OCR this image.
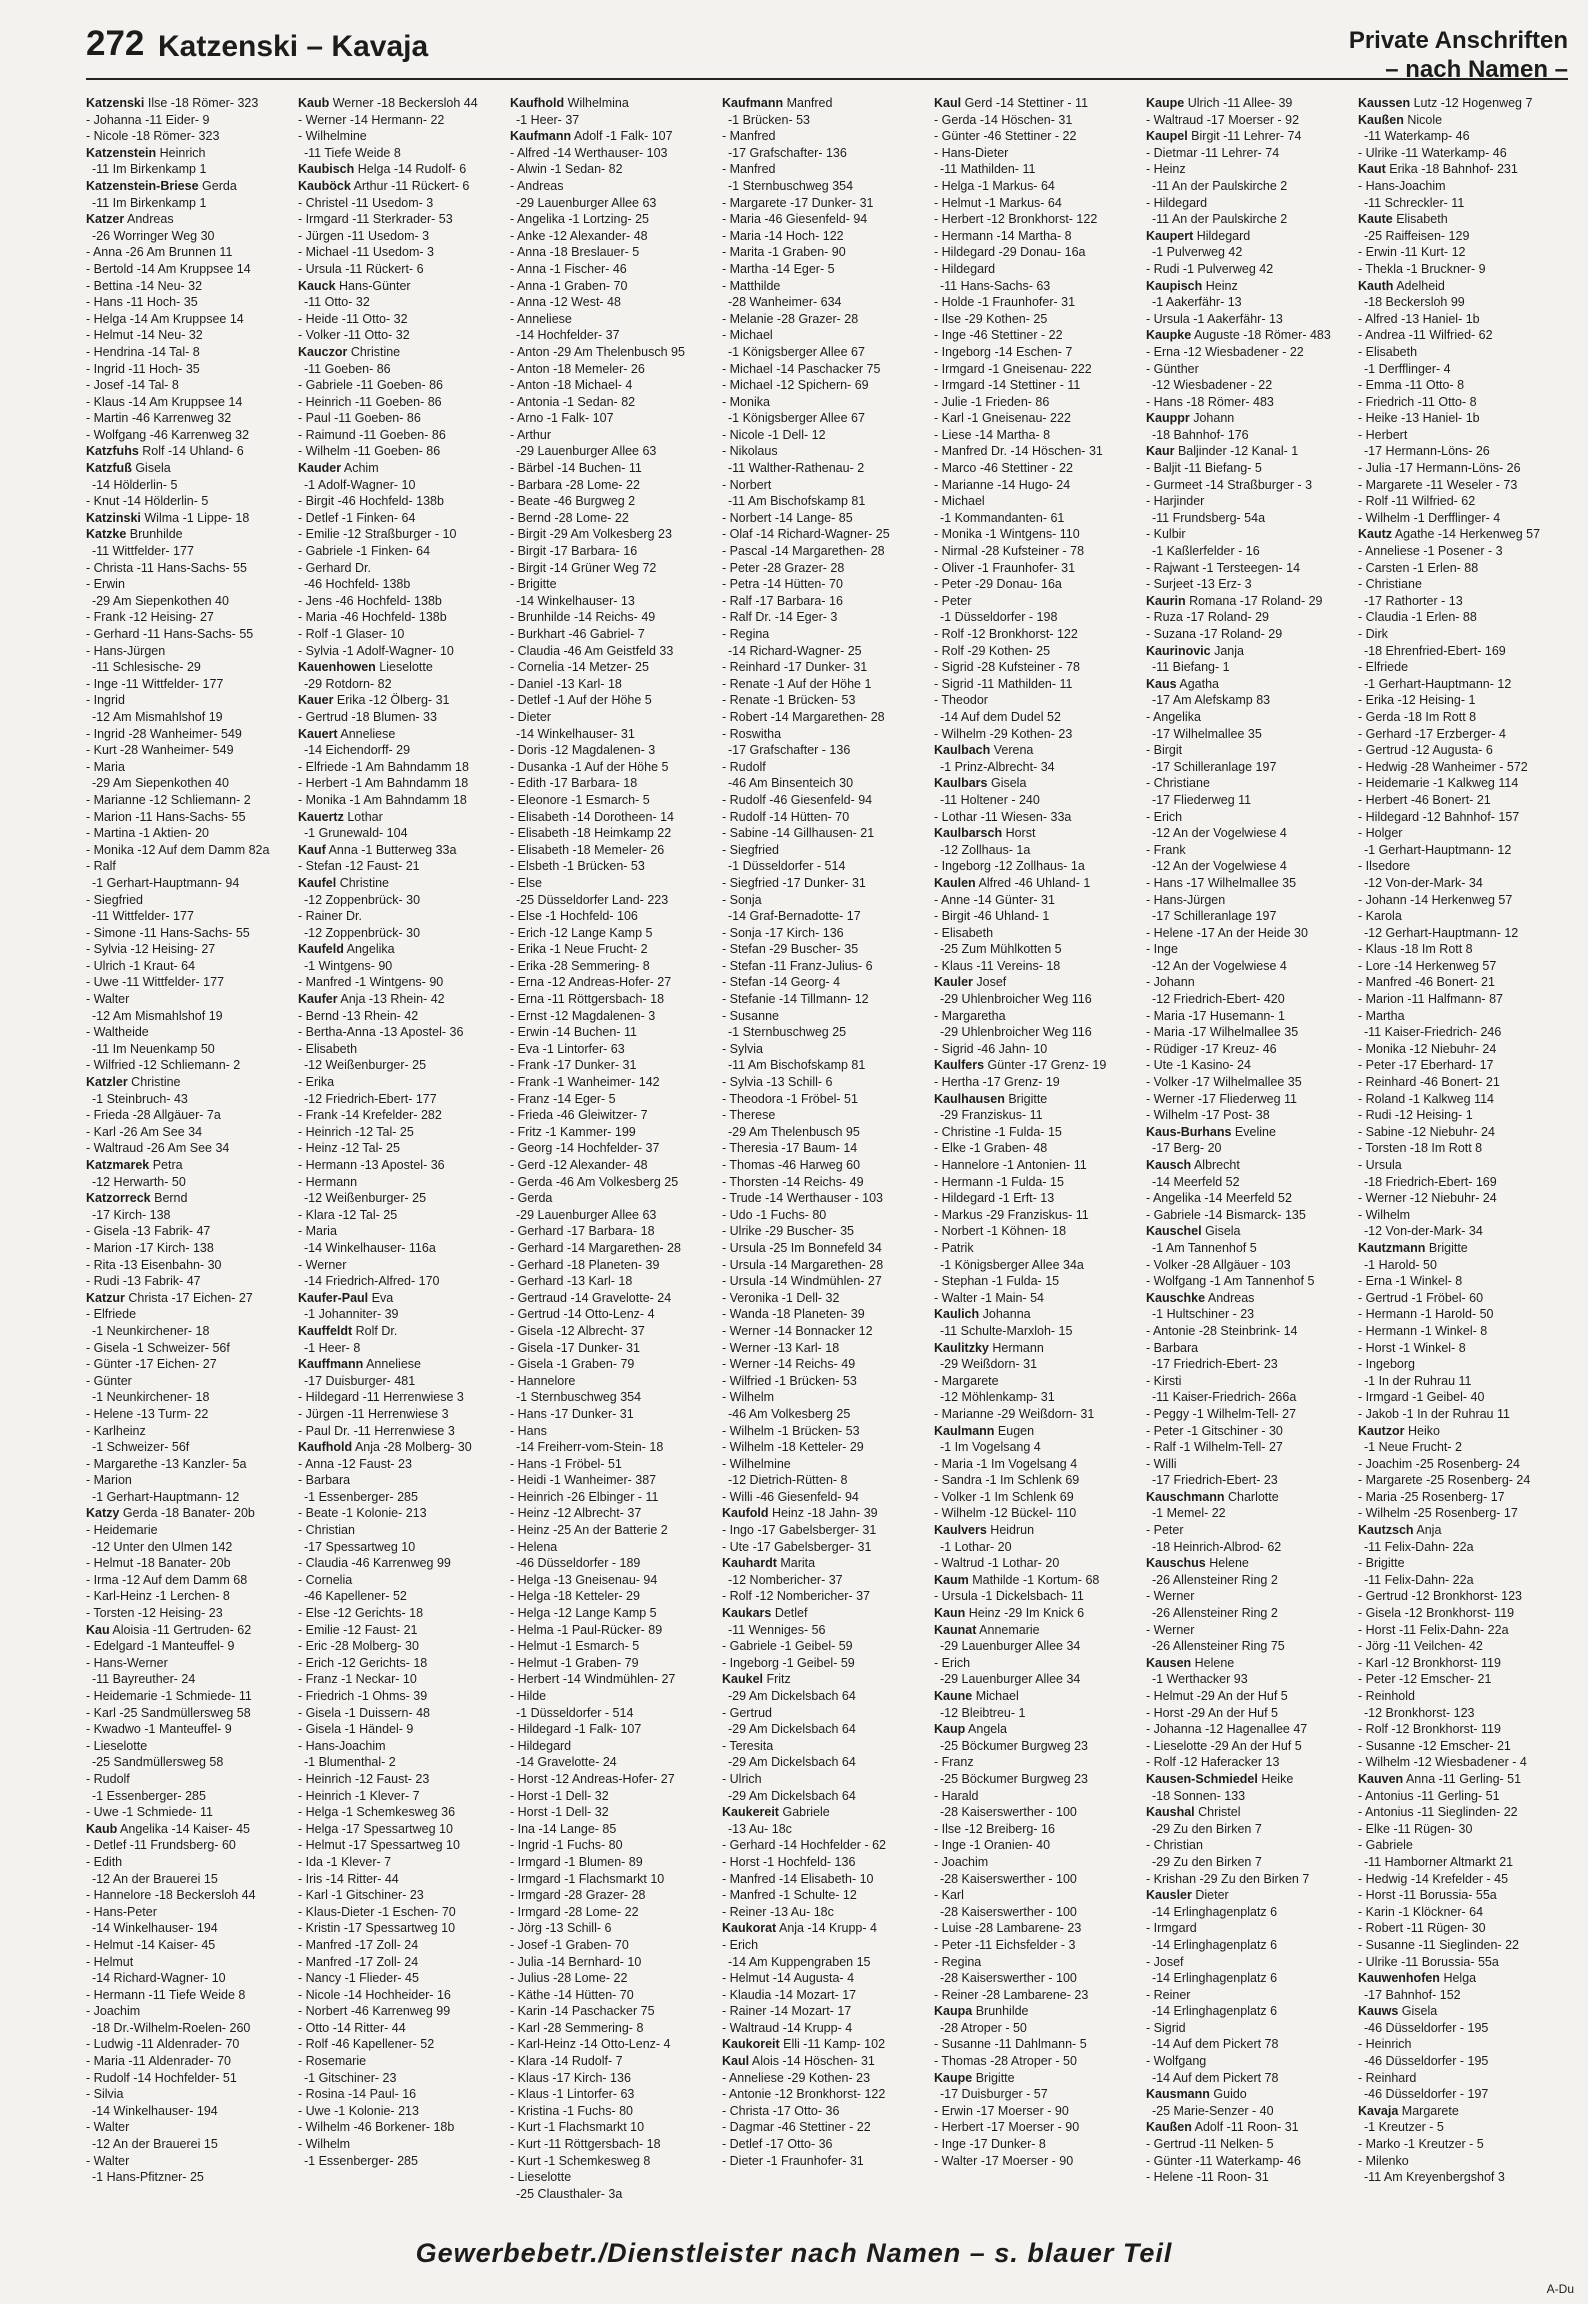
272 Katzenski – Kavaja	Private Anschriften
– nach Namen –
Katzenski Ilse -18 Römer- 323
- Johanna -11 Eider- 9
- Nicole -18 Römer- 323
Katzenstein Heinrich
-11 Im Birkenkamp 1
Katzenstein-Briese Gerda
-11 Im Birkenkamp 1
Katzer Andreas
-26 Worringer Weg 30
- Anna -26 Am Brunnen 11
- Bertold -14 Am Kruppsee 14
- Bettina -14 Neu- 32
- Hans -11 Hoch- 35
- Helga -14 Am Kruppsee 14
- Helmut -14 Neu- 32
- Hendrina -14 Tal- 8
- Ingrid -11 Hoch- 35
- Josef -14 Tal- 8
- Klaus -14 Am Kruppsee 14
- Martin -46 Karrenweg 32
- Wolfgang -46 Karrenweg 32
Katzfuhs Rolf -14 Uhland- 6
Katzfuß Gisela
-14 Hölderlin- 5
- Knut -14 Hölderlin- 5
Katzinski Wilma -1 Lippe- 18
Katzke Brunhilde
-11 Wittfelder- 177
- Christa -11 Hans-Sachs- 55
- Erwin
-29 Am Siepenkothen 40
- Frank -12 Heising- 27
- Gerhard -11 Hans-Sachs- 55
- Hans-Jürgen
-11 Schlesische- 29
- Inge -11 Wittfelder- 177
- Ingrid
-12 Am Mismahlshof 19
- Ingrid -28 Wanheimer- 549
- Kurt -28 Wanheimer- 549
- Maria
-29 Am Siepenkothen 40
- Marianne -12 Schliemann- 2
- Marion -11 Hans-Sachs- 55
- Martina -1 Aktien- 20
- Monika -12 Auf dem Damm 82a
- Ralf
-1 Gerhart-Hauptmann- 94
- Siegfried
-11 Wittfelder- 177
- Simone -11 Hans-Sachs- 55
- Sylvia -12 Heising- 27
- Ulrich -1 Kraut- 64
- Uwe -11 Wittfelder- 177
- Walter
-12 Am Mismahlshof 19
- Waltheide
-11 Im Neuenkamp 50
- Wilfried -12 Schliemann- 2
Katzler Christine
-1 Steinbruch- 43
- Frieda -28 Allgäuer- 7a
- Karl -26 Am See 34
- Waltraud -26 Am See 34
Katzmarek Petra
-12 Herwarth- 50
Katzorreck Bernd
-17 Kirch- 138
- Gisela -13 Fabrik- 47
- Marion -17 Kirch- 138
- Rita -13 Eisenbahn- 30
- Rudi -13 Fabrik- 47
Katzur Christa -17 Eichen- 27
- Elfriede
-1 Neunkirchener- 18
- Gisela -1 Schweizer- 56f
- Günter -17 Eichen- 27
- Günter
-1 Neunkirchener- 18
- Helene -13 Turm- 22
- Karlheinz
-1 Schweizer- 56f
- Margarethe -13 Kanzler- 5a
- Marion
-1 Gerhart-Hauptmann- 12
Katzy Gerda -18 Banater- 20b
- Heidemarie
-12 Unter den Ulmen 142
- Helmut -18 Banater- 20b
- Irma -12 Auf dem Damm 68
- Karl-Heinz -1 Lerchen- 8
- Torsten -12 Heising- 23
Kau Aloisia -11 Gertruden- 62
- Edelgard -1 Manteuffel- 9
- Hans-Werner
-11 Bayreuther- 24
- Heidemarie -1 Schmiede- 11
- Karl -25 Sandmüllersweg 58
- Kwadwo -1 Manteuffel- 9
- Lieselotte
-25 Sandmüllersweg 58
- Rudolf
-1 Essenberger- 285
- Uwe -1 Schmiede- 11
Kaub Angelika -14 Kaiser- 45
- Detlef -11 Frundsberg- 60
- Edith
-12 An der Brauerei 15
- Hannelore -18 Beckersloh 44
- Hans-Peter
-14 Winkelhauser- 194
- Helmut -14 Kaiser- 45
- Helmut
-14 Richard-Wagner- 10
- Hermann -11 Tiefe Weide 8
- Joachim
-18 Dr.-Wilhelm-Roelen- 260
- Ludwig -11 Aldenrader- 70
- Maria -11 Aldenrader- 70
- Rudolf -14 Hochfelder- 51
- Silvia
-14 Winkelhauser- 194
- Walter
-12 An der Brauerei 15
- Walter
-1 Hans-Pfitzner- 25
Kaub Werner -18 Beckersloh 44
- Werner -14 Hermann- 22
- Wilhelmine
-11 Tiefe Weide 8
Kaubisch Helga -14 Rudolf- 6
Kauböck Arthur -11 Rückert- 6
- Christel -11 Usedom- 3
- Irmgard -11 Sterkrader- 53
- Jürgen -11 Usedom- 3
- Michael -11 Usedom- 3
- Ursula -11 Rückert- 6
Kauck Hans-Günter
-11 Otto- 32
- Heide -11 Otto- 32
- Volker -11 Otto- 32
Kauczor Christine
-11 Goeben- 86
- Gabriele -11 Goeben- 86
- Heinrich -11 Goeben- 86
- Paul -11 Goeben- 86
- Raimund -11 Goeben- 86
- Wilhelm -11 Goeben- 86
Kauder Achim
-1 Adolf-Wagner- 10
- Birgit -46 Hochfeld- 138b
- Detlef -1 Finken- 64
- Emilie -12 Straßburger - 10
- Gabriele -1 Finken- 64
- Gerhard Dr.
-46 Hochfeld- 138b
- Jens -46 Hochfeld- 138b
- Maria -46 Hochfeld- 138b
- Rolf -1 Glaser- 10
- Sylvia -1 Adolf-Wagner- 10
Kauenhowen Lieselotte
-29 Rotdorn- 82
Kauer Erika -12 Ölberg- 31
- Gertrud -18 Blumen- 33
Kauert Anneliese
-14 Eichendorff- 29
- Elfriede -1 Am Bahndamm 18
- Herbert -1 Am Bahndamm 18
- Monika -1 Am Bahndamm 18
Kauertz Lothar
-1 Grunewald- 104
Kauf Anna -1 Butterweg 33a
- Stefan -12 Faust- 21
Kaufel Christine
-12 Zoppenbrück- 30
- Rainer Dr.
-12 Zoppenbrück- 30
Kaufeld Angelika
-1 Wintgens- 90
- Manfred -1 Wintgens- 90
Kaufer Anja -13 Rhein- 42
- Bernd -13 Rhein- 42
- Bertha-Anna -13 Apostel- 36
- Elisabeth
-12 Weißenburger- 25
- Erika
-12 Friedrich-Ebert- 177
- Frank -14 Krefelder- 282
- Heinrich -12 Tal- 25
- Heinz -12 Tal- 25
- Hermann -13 Apostel- 36
- Hermann
-12 Weißenburger- 25
- Klara -12 Tal- 25
- Maria
-14 Winkelhauser- 116a
- Werner
-14 Friedrich-Alfred- 170
Kaufer-Paul Eva
-1 Johanniter- 39
Kauffeldt Rolf Dr.
-1 Heer- 8
Kauffmann Anneliese
-17 Duisburger- 481
- Hildegard -11 Herrenwiese 3
- Jürgen -11 Herrenwiese 3
- Paul Dr. -11 Herrenwiese 3
Kaufhold Anja -28 Molberg- 30
- Anna -12 Faust- 23
- Barbara
-1 Essenberger- 285
- Beate -1 Kolonie- 213
- Christian
-17 Spessartweg 10
- Claudia -46 Karrenweg 99
- Cornelia
-46 Kapellener- 52
- Else -12 Gerichts- 18
- Emilie -12 Faust- 21
- Eric -28 Molberg- 30
- Erich -12 Gerichts- 18
- Franz -1 Neckar- 10
- Friedrich -1 Ohms- 39
- Gisela -1 Duissern- 48
- Gisela -1 Händel- 9
- Hans-Joachim
-1 Blumenthal- 2
- Heinrich -12 Faust- 23
- Heinrich -1 Klever- 7
- Helga -1 Schemkesweg 36
- Helga -17 Spessartweg 10
- Helmut -17 Spessartweg 10
- Ida -1 Klever- 7
- Iris -14 Ritter- 44
- Karl -1 Gitschiner- 23
- Klaus-Dieter -1 Eschen- 70
- Kristin -17 Spessartweg 10
- Manfred -17 Zoll- 24
- Manfred -17 Zoll- 24
- Nancy -1 Flieder- 45
- Nicole -14 Hochheider- 16
- Norbert -46 Karrenweg 99
- Otto -14 Ritter- 44
- Rolf -46 Kapellener- 52
- Rosemarie
-1 Gitschiner- 23
- Rosina -14 Paul- 16
- Uwe -1 Kolonie- 213
- Wilhelm -46 Borkener- 18b
- Wilhelm
-1 Essenberger- 285
Kaufhold Wilhelmina
-1 Heer- 37
Kaufmann Adolf -1 Falk- 107
- Alfred -14 Werthauser- 103
- Alwin -1 Sedan- 82
- Andreas
-29 Lauenburger Allee 63
- Angelika -1 Lortzing- 25
- Anke -12 Alexander- 48
- Anna -18 Breslauer- 5
- Anna -1 Fischer- 46
- Anna -1 Graben- 70
- Anna -12 West- 48
- Anneliese
-14 Hochfelder- 37
- Anton -29 Am Thelenbusch 95
- Anton -18 Memeler- 26
- Anton -18 Michael- 4
- Antonia -1 Sedan- 82
- Arno -1 Falk- 107
- Arthur
-29 Lauenburger Allee 63
- Bärbel -14 Buchen- 11
- Barbara -28 Lome- 22
- Beate -46 Burgweg 2
- Bernd -28 Lome- 22
- Birgit -29 Am Volkesberg 23
- Birgit -17 Barbara- 16
- Birgit -14 Grüner Weg 72
- Brigitte
-14 Winkelhauser- 13
- Brunhilde -14 Reichs- 49
- Burkhart -46 Gabriel- 7
- Claudia -46 Am Geistfeld 33
- Cornelia -14 Metzer- 25
- Daniel -13 Karl- 18
- Detlef -1 Auf der Höhe 5
- Dieter
-14 Winkelhauser- 31
- Doris -12 Magdalenen- 3
- Dusanka -1 Auf der Höhe 5
- Edith -17 Barbara- 18
- Eleonore -1 Esmarch- 5
- Elisabeth -14 Dorotheen- 14
- Elisabeth -18 Heimkamp 22
- Elisabeth -18 Memeler- 26
- Elsbeth -1 Brücken- 53
- Else
-25 Düsseldorfer Land- 223
- Else -1 Hochfeld- 106
- Erich -12 Lange Kamp 5
- Erika -1 Neue Frucht- 2
- Erika -28 Semmering- 8
- Erna -12 Andreas-Hofer- 27
- Erna -11 Röttgersbach- 18
- Ernst -12 Magdalenen- 3
- Erwin -14 Buchen- 11
- Eva -1 Lintorfer- 63
- Frank -17 Dunker- 31
- Frank -1 Wanheimer- 142
- Franz -14 Eger- 5
- Frieda -46 Gleiwitzer- 7
- Fritz -1 Kammer- 199
- Georg -14 Hochfelder- 37
- Gerd -12 Alexander- 48
- Gerda -46 Am Volkesberg 25
- Gerda
-29 Lauenburger Allee 63
- Gerhard -17 Barbara- 18
- Gerhard -14 Margarethen- 28
- Gerhard -18 Planeten- 39
- Gerhard -13 Karl- 18
- Gertraud -14 Gravelotte- 24
- Gertrud -14 Otto-Lenz- 4
- Gisela -12 Albrecht- 37
- Gisela -17 Dunker- 31
- Gisela -1 Graben- 79
- Hannelore
-1 Sternbuschweg 354
- Hans -17 Dunker- 31
- Hans
-14 Freiherr-vom-Stein- 18
- Hans -1 Fröbel- 51
- Heidi -1 Wanheimer- 387
- Heinrich -26 Elbinger - 11
- Heinz -12 Albrecht- 37
- Heinz -25 An der Batterie 2
- Helena
-46 Düsseldorfer - 189
- Helga -13 Gneisenau- 94
- Helga -18 Ketteler- 29
- Helga -12 Lange Kamp 5
- Helma -1 Paul-Rücker- 89
- Helmut -1 Esmarch- 5
- Helmut -1 Graben- 79
- Herbert -14 Windmühlen- 27
- Hilde
-1 Düsseldorfer - 514
- Hildegard -1 Falk- 107
- Hildegard
-14 Gravelotte- 24
- Horst -12 Andreas-Hofer- 27
- Horst -1 Dell- 32
- Horst -1 Dell- 32
- Ina -14 Lange- 85
- Ingrid -1 Fuchs- 80
- Irmgard -1 Blumen- 89
- Irmgard -1 Flachsmarkt 10
- Irmgard -28 Grazer- 28
- Irmgard -28 Lome- 22
- Jörg -13 Schill- 6
- Josef -1 Graben- 70
- Julia -14 Bernhard- 10
- Julius -28 Lome- 22
- Käthe -14 Hütten- 70
- Karin -14 Paschacker 75
- Karl -28 Semmering- 8
- Karl-Heinz -14 Otto-Lenz- 4
- Klara -14 Rudolf- 7
- Klaus -17 Kirch- 136
- Klaus -1 Lintorfer- 63
- Kristina -1 Fuchs- 80
- Kurt -1 Flachsmarkt 10
- Kurt -11 Röttgersbach- 18
- Kurt -1 Schemkesweg 8
- Lieselotte
-25 Clausthaler- 3a
Kaufmann Manfred
-1 Brücken- 53
- Manfred
-17 Grafschafter- 136
- Manfred
-1 Sternbuschweg 354
- Margarete -17 Dunker- 31
- Maria -46 Giesenfeld- 94
- Maria -14 Hoch- 122
- Marita -1 Graben- 90
- Martha -14 Eger- 5
- Matthilde
-28 Wanheimer- 634
- Melanie -28 Grazer- 28
- Michael
-1 Königsberger Allee 67
- Michael -14 Paschacker 75
- Michael -12 Spichern- 69
- Monika
-1 Königsberger Allee 67
- Nicole -1 Dell- 12
- Nikolaus
-11 Walther-Rathenau- 2
- Norbert
-11 Am Bischofskamp 81
- Norbert -14 Lange- 85
- Olaf -14 Richard-Wagner- 25
- Pascal -14 Margarethen- 28
- Peter -28 Grazer- 28
- Petra -14 Hütten- 70
- Ralf -17 Barbara- 16
- Ralf Dr. -14 Eger- 3
- Regina
-14 Richard-Wagner- 25
- Reinhard -17 Dunker- 31
- Renate -1 Auf der Höhe 1
- Renate -1 Brücken- 53
- Robert -14 Margarethen- 28
- Roswitha
-17 Grafschafter - 136
- Rudolf
-46 Am Binsenteich 30
- Rudolf -46 Giesenfeld- 94
- Rudolf -14 Hütten- 70
- Sabine -14 Gillhausen- 21
- Siegfried
-1 Düsseldorfer - 514
- Siegfried -17 Dunker- 31
- Sonja
-14 Graf-Bernadotte- 17
- Sonja -17 Kirch- 136
- Stefan -29 Buscher- 35
- Stefan -11 Franz-Julius- 6
- Stefan -14 Georg- 4
- Stefanie -14 Tillmann- 12
- Susanne
-1 Sternbuschweg 25
- Sylvia
-11 Am Bischofskamp 81
- Sylvia -13 Schill- 6
- Theodora -1 Fröbel- 51
- Therese
-29 Am Thelenbusch 95
- Theresia -17 Baum- 14
- Thomas -46 Harweg 60
- Thorsten -14 Reichs- 49
- Trude -14 Werthauser - 103
- Udo -1 Fuchs- 80
- Ulrike -29 Buscher- 35
- Ursula -25 Im Bonnefeld 34
- Ursula -14 Margarethen- 28
- Ursula -14 Windmühlen- 27
- Veronika -1 Dell- 32
- Wanda -18 Planeten- 39
- Werner -14 Bonnacker 12
- Werner -13 Karl- 18
- Werner -14 Reichs- 49
- Wilfried -1 Brücken- 53
- Wilhelm
-46 Am Volkesberg 25
- Wilhelm -1 Brücken- 53
- Wilhelm -18 Ketteler- 29
- Wilhelmine
-12 Dietrich-Rütten- 8
- Willi -46 Giesenfeld- 94
Kaufold Heinz -18 Jahn- 39
- Ingo -17 Gabelsberger- 31
- Ute -17 Gabelsberger- 31
Kauhardt Marita
-12 Nombericher- 37
- Rolf -12 Nombericher- 37
Kaukars Detlef
-11 Wenniges- 56
- Gabriele -1 Geibel- 59
- Ingeborg -1 Geibel- 59
Kaukel Fritz
-29 Am Dickelsbach 64
- Gertrud
-29 Am Dickelsbach 64
- Teresita
-29 Am Dickelsbach 64
- Ulrich
-29 Am Dickelsbach 64
Kaukereit Gabriele
-13 Au- 18c
- Gerhard -14 Hochfelder - 62
- Horst -1 Hochfeld- 136
- Manfred -14 Elisabeth- 10
- Manfred -1 Schulte- 12
- Reiner -13 Au- 18c
Kaukorat Anja -14 Krupp- 4
- Erich
-14 Am Kuppengraben 15
- Helmut -14 Augusta- 4
- Klaudia -14 Mozart- 17
- Rainer -14 Mozart- 17
- Waltraud -14 Krupp- 4
Kaukoreit Elli -11 Kamp- 102
Kaul Alois -14 Höschen- 31
- Anneliese -29 Kothen- 23
- Antonie -12 Bronkhorst- 122
- Christa -17 Otto- 36
- Dagmar -46 Stettiner - 22
- Detlef -17 Otto- 36
- Dieter -1 Fraunhofer- 31
Kaul Gerd -14 Stettiner - 11
- Gerda -14 Höschen- 31
- Günter -46 Stettiner - 22
- Hans-Dieter
-11 Mathilden- 11
- Helga -1 Markus- 64
- Helmut -1 Markus- 64
- Herbert -12 Bronkhorst- 122
- Hermann -14 Martha- 8
- Hildegard -29 Donau- 16a
- Hildegard
-11 Hans-Sachs- 63
- Holde -1 Fraunhofer- 31
- Ilse -29 Kothen- 25
- Inge -46 Stettiner - 22
- Ingeborg -14 Eschen- 7
- Irmgard -1 Gneisenau- 222
- Irmgard -14 Stettiner - 11
- Julie -1 Frieden- 86
- Karl -1 Gneisenau- 222
- Liese -14 Martha- 8
- Manfred Dr. -14 Höschen- 31
- Marco -46 Stettiner - 22
- Marianne -14 Hugo- 24
- Michael
-1 Kommandanten- 61
- Monika -1 Wintgens- 110
- Nirmal -28 Kufsteiner - 78
- Oliver -1 Fraunhofer- 31
- Peter -29 Donau- 16a
- Peter
-1 Düsseldorfer - 198
- Rolf -12 Bronkhorst- 122
- Rolf -29 Kothen- 25
- Sigrid -28 Kufsteiner - 78
- Sigrid -11 Mathilden- 11
- Theodor
-14 Auf dem Dudel 52
- Wilhelm -29 Kothen- 23
Kaulbach Verena
-1 Prinz-Albrecht- 34
Kaulbars Gisela
-11 Holtener - 240
- Lothar -11 Wiesen- 33a
Kaulbarsch Horst
-12 Zollhaus- 1a
- Ingeborg -12 Zollhaus- 1a
Kaulen Alfred -46 Uhland- 1
- Anne -14 Günter- 31
- Birgit -46 Uhland- 1
- Elisabeth
-25 Zum Mühlkotten 5
- Klaus -11 Vereins- 18
Kauler Josef
-29 Uhlenbroicher Weg 116
- Margaretha
-29 Uhlenbroicher Weg 116
- Sigrid -46 Jahn- 10
Kaulfers Günter -17 Grenz- 19
- Hertha -17 Grenz- 19
Kaulhausen Brigitte
-29 Franziskus- 11
- Christine -1 Fulda- 15
- Elke -1 Graben- 48
- Hannelore -1 Antonien- 11
- Hermann -1 Fulda- 15
- Hildegard -1 Erft- 13
- Markus -29 Franziskus- 11
- Norbert -1 Köhnen- 18
- Patrik
-1 Königsberger Allee 34a
- Stephan -1 Fulda- 15
- Walter -1 Main- 54
Kaulich Johanna
-11 Schulte-Marxloh- 15
Kaulitzky Hermann
-29 Weißdorn- 31
- Margarete
-12 Möhlenkamp- 31
- Marianne -29 Weißdorn- 31
Kaulmann Eugen
-1 Im Vogelsang 4
- Maria -1 Im Vogelsang 4
- Sandra -1 Im Schlenk 69
- Volker -1 Im Schlenk 69
- Wilhelm -12 Bückel- 110
Kaulvers Heidrun
-1 Lothar- 20
- Waltrud -1 Lothar- 20
Kaum Mathilde -1 Kortum- 68
- Ursula -1 Dickelsbach- 11
Kaun Heinz -29 Im Knick 6
Kaunat Annemarie
-29 Lauenburger Allee 34
- Erich
-29 Lauenburger Allee 34
Kaune Michael
-12 Bleibtreu- 1
Kaup Angela
-25 Böckumer Burgweg 23
- Franz
-25 Böckumer Burgweg 23
- Harald
-28 Kaiserswerther - 100
- Ilse -12 Breiberg- 16
- Inge -1 Oranien- 40
- Joachim
-28 Kaiserswerther - 100
- Karl
-28 Kaiserswerther - 100
- Luise -28 Lambarene- 23
- Peter -11 Eichsfelder - 3
- Regina
-28 Kaiserswerther - 100
- Reiner -28 Lambarene- 23
Kaupa Brunhilde
-28 Atroper - 50
- Susanne -11 Dahlmann- 5
- Thomas -28 Atroper - 50
Kaupe Brigitte
-17 Duisburger - 57
- Erwin -17 Moerser - 90
- Herbert -17 Moerser - 90
- Inge -17 Dunker- 8
- Walter -17 Moerser - 90
Kaupe Ulrich -11 Allee- 39
- Waltraud -17 Moerser - 92
Kaupel Birgit -11 Lehrer- 74
- Dietmar -11 Lehrer- 74
- Heinz
-11 An der Paulskirche 2
- Hildegard
-11 An der Paulskirche 2
Kaupert Hildegard
-1 Pulverweg 42
- Rudi -1 Pulverweg 42
Kaupisch Heinz
-1 Aakerfähr- 13
- Ursula -1 Aakerfähr- 13
Kaupke Auguste -18 Römer- 483
- Erna -12 Wiesbadener - 22
- Günther
-12 Wiesbadener - 22
- Hans -18 Römer- 483
Kauppr Johann
-18 Bahnhof- 176
Kaur Baljinder -12 Kanal- 1
- Baljit -11 Biefang- 5
- Gurmeet -14 Straßburger - 3
- Harjinder
-11 Frundsberg- 54a
- Kulbir
-1 Kaßlerfelder - 16
- Rajwant -1 Tersteegen- 14
- Surjeet -13 Erz- 3
Kaurin Romana -17 Roland- 29
- Ruza -17 Roland- 29
- Suzana -17 Roland- 29
Kaurinovic Janja
-11 Biefang- 1
Kaus Agatha
-17 Am Alefskamp 83
- Angelika
-17 Wilhelmallee 35
- Birgit
-17 Schilleranlage 197
- Christiane
-17 Fliederweg 11
- Erich
-12 An der Vogelwiese 4
- Frank
-12 An der Vogelwiese 4
- Hans -17 Wilhelmallee 35
- Hans-Jürgen
-17 Schilleranlage 197
- Helene -17 An der Heide 30
- Inge
-12 An der Vogelwiese 4
- Johann
-12 Friedrich-Ebert- 420
- Maria -17 Husemann- 1
- Maria -17 Wilhelmallee 35
- Rüdiger -17 Kreuz- 46
- Ute -1 Kasino- 24
- Volker -17 Wilhelmallee 35
- Werner -17 Fliederweg 11
- Wilhelm -17 Post- 38
Kaus-Burhans Eveline
-17 Berg- 20
Kausch Albrecht
-14 Meerfeld 52
- Angelika -14 Meerfeld 52
- Gabriele -14 Bismarck- 135
Kauschel Gisela
-1 Am Tannenhof 5
- Volker -28 Allgäuer - 103
- Wolfgang -1 Am Tannenhof 5
Kauschke Andreas
-1 Hultschiner - 23
- Antonie -28 Steinbrink- 14
- Barbara
-17 Friedrich-Ebert- 23
- Kirsti
-11 Kaiser-Friedrich- 266a
- Peggy -1 Wilhelm-Tell- 27
- Peter -1 Gitschiner - 30
- Ralf -1 Wilhelm-Tell- 27
- Willi
-17 Friedrich-Ebert- 23
Kauschmann Charlotte
-1 Memel- 22
- Peter
-18 Heinrich-Albrod- 62
Kauschus Helene
-26 Allensteiner Ring 2
- Werner
-26 Allensteiner Ring 2
- Werner
-26 Allensteiner Ring 75
Kausen Helene
-1 Werthacker 93
- Helmut -29 An der Huf 5
- Horst -29 An der Huf 5
- Johanna -12 Hagenallee 47
- Lieselotte -29 An der Huf 5
- Rolf -12 Haferacker 13
Kausen-Schmiedel Heike
-18 Sonnen- 133
Kaushal Christel
-29 Zu den Birken 7
- Christian
-29 Zu den Birken 7
- Krishan -29 Zu den Birken 7
Kausler Dieter
-14 Erlinghagenplatz 6
- Irmgard
-14 Erlinghagenplatz 6
- Josef
-14 Erlinghagenplatz 6
- Reiner
-14 Erlinghagenplatz 6
- Sigrid
-14 Auf dem Pickert 78
- Wolfgang
-14 Auf dem Pickert 78
Kausmann Guido
-25 Marie-Senzer - 40
Kaußen Adolf -11 Roon- 31
- Gertrud -11 Nelken- 5
- Günter -11 Waterkamp- 46
- Helene -11 Roon- 31
Kaussen Lutz -12 Hogenweg 7
Kaußen Nicole
-11 Waterkamp- 46
- Ulrike -11 Waterkamp- 46
Kaut Erika -18 Bahnhof- 231
- Hans-Joachim
-11 Schreckler- 11
Kaute Elisabeth
-25 Raiffeisen- 129
- Erwin -11 Kurt- 12
- Thekla -1 Bruckner- 9
Kauth Adelheid
-18 Beckersloh 99
- Alfred -13 Haniel- 1b
- Andrea -11 Wilfried- 62
- Elisabeth
-1 Derfflinger- 4
- Emma -11 Otto- 8
- Friedrich -11 Otto- 8
- Heike -13 Haniel- 1b
- Herbert
-17 Hermann-Löns- 26
- Julia -17 Hermann-Löns- 26
- Margarete -11 Weseler - 73
- Rolf -11 Wilfried- 62
- Wilhelm -1 Derfflinger- 4
Kautz Agathe -14 Herkenweg 57
- Anneliese -1 Posener - 3
- Carsten -1 Erlen- 88
- Christiane
-17 Rathorter - 13
- Claudia -1 Erlen- 88
- Dirk
-18 Ehrenfried-Ebert- 169
- Elfriede
-1 Gerhart-Hauptmann- 12
- Erika -12 Heising- 1
- Gerda -18 Im Rott 8
- Gerhard -17 Erzberger- 4
- Gertrud -12 Augusta- 6
- Hedwig -28 Wanheimer - 572
- Heidemarie -1 Kalkweg 114
- Herbert -46 Bonert- 21
- Hildegard -12 Bahnhof- 157
- Holger
-1 Gerhart-Hauptmann- 12
- Ilsedore
-12 Von-der-Mark- 34
- Johann -14 Herkenweg 57
- Karola
-12 Gerhart-Hauptmann- 12
- Klaus -18 Im Rott 8
- Lore -14 Herkenweg 57
- Manfred -46 Bonert- 21
- Marion -11 Halfmann- 87
- Martha
-11 Kaiser-Friedrich- 246
- Monika -12 Niebuhr- 24
- Peter -17 Eberhard- 17
- Reinhard -46 Bonert- 21
- Roland -1 Kalkweg 114
- Rudi -12 Heising- 1
- Sabine -12 Niebuhr- 24
- Torsten -18 Im Rott 8
- Ursula
-18 Friedrich-Ebert- 169
- Werner -12 Niebuhr- 24
- Wilhelm
-12 Von-der-Mark- 34
Kautzmann Brigitte
-1 Harold- 50
- Erna -1 Winkel- 8
- Gertrud -1 Fröbel- 60
- Hermann -1 Harold- 50
- Hermann -1 Winkel- 8
- Horst -1 Winkel- 8
- Ingeborg
-1 In der Ruhrau 11
- Irmgard -1 Geibel- 40
- Jakob -1 In der Ruhrau 11
Kautzor Heiko
-1 Neue Frucht- 2
- Joachim -25 Rosenberg- 24
- Margarete -25 Rosenberg- 24
- Maria -25 Rosenberg- 17
- Wilhelm -25 Rosenberg- 17
Kautzsch Anja
-11 Felix-Dahn- 22a
- Brigitte
-11 Felix-Dahn- 22a
- Gertrud -12 Bronkhorst- 123
- Gisela -12 Bronkhorst- 119
- Horst -11 Felix-Dahn- 22a
- Jörg -11 Veilchen- 42
- Karl -12 Bronkhorst- 119
- Peter -12 Emscher- 21
- Reinhold
-12 Bronkhorst- 123
- Rolf -12 Bronkhorst- 119
- Susanne -12 Emscher- 21
- Wilhelm -12 Wiesbadener - 4
Kauven Anna -11 Gerling- 51
- Antonius -11 Gerling- 51
- Antonius -11 Sieglinden- 22
- Elke -11 Rügen- 30
- Gabriele
-11 Hamborner Altmarkt 21
- Hedwig -14 Krefelder - 45
- Horst -11 Borussia- 55a
- Karin -1 Klöckner- 64
- Robert -11 Rügen- 30
- Susanne -11 Sieglinden- 22
- Ulrike -11 Borussia- 55a
Kauwenhofen Helga
-17 Bahnhof- 152
Kauws Gisela
-46 Düsseldorfer - 195
- Heinrich
-46 Düsseldorfer - 195
- Reinhard
-46 Düsseldorfer - 197
Kavaja Margarete
-1 Kreutzer - 5
- Marko -1 Kreutzer - 5
- Milenko
-11 Am Kreyenbergshof 3
Gewerbebetr./Dienstleister nach Namen – s. blauer Teil
A-Du
